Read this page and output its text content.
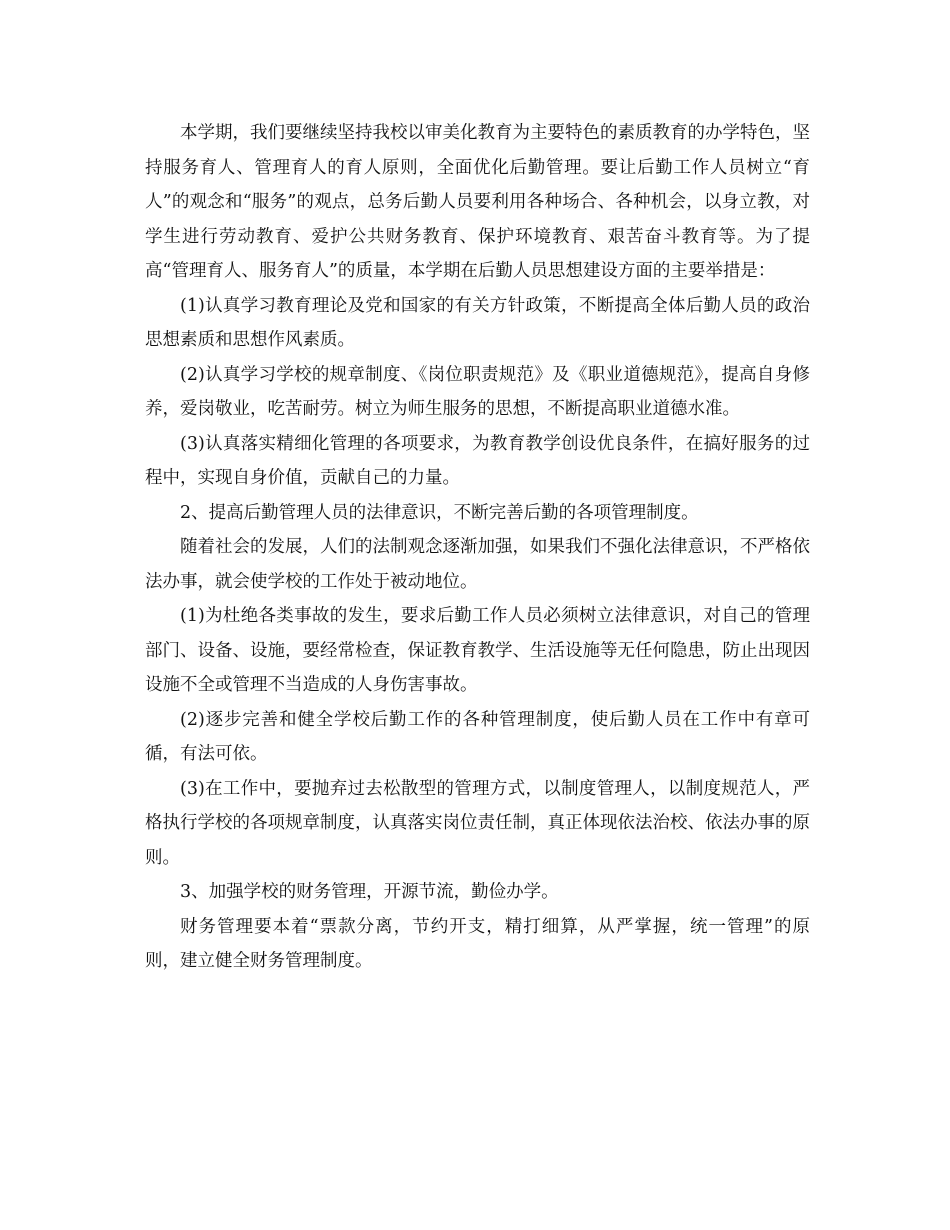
本学期，我们要继续坚持我校以审美化教育为主要特色的素质教育的办学特色，坚持服务育人、管理育人的育人原则，全面优化后勤管理。要让后勤工作人员树立“育人”的观念和“服务”的观点，总务后勤人员要利用各种场合、各种机会，以身立教，对学生进行劳动教育、爱护公共财务教育、保护环境教育、艰苦奋斗教育等。为了提高“管理育人、服务育人”的质量，本学期在后勤人员思想建设方面的主要举措是：

(1)认真学习教育理论及党和国家的有关方针政策，不断提高全体后勤人员的政治思想素质和思想作风素质。

(2)认真学习学校的规章制度、《岗位职责规范》及《职业道德规范》，提高自身修养，爱岗敬业，吃苦耐劳。树立为师生服务的思想，不断提高职业道德水准。

(3)认真落实精细化管理的各项要求，为教育教学创设优良条件，在搞好服务的过程中，实现自身价值，贡献自己的力量。

2、提高后勤管理人员的法律意识，不断完善后勤的各项管理制度。

随着社会的发展，人们的法制观念逐渐加强，如果我们不强化法律意识，不严格依法办事，就会使学校的工作处于被动地位。

(1)为杜绝各类事故的发生，要求后勤工作人员必须树立法律意识，对自己的管理部门、设备、设施，要经常检查，保证教育教学、生活设施等无任何隐患，防止出现因设施不全或管理不当造成的人身伤害事故。

(2)逐步完善和健全学校后勤工作的各种管理制度，使后勤人员在工作中有章可循，有法可依。

(3)在工作中，要抛弃过去松散型的管理方式，以制度管理人，以制度规范人，严格执行学校的各项规章制度，认真落实岗位责任制，真正体现依法治校、依法办事的原则。

3、加强学校的财务管理，开源节流，勤俭办学。

财务管理要本着“票款分离，节约开支，精打细算，从严掌握，统一管理”的原则，建立健全财务管理制度。
